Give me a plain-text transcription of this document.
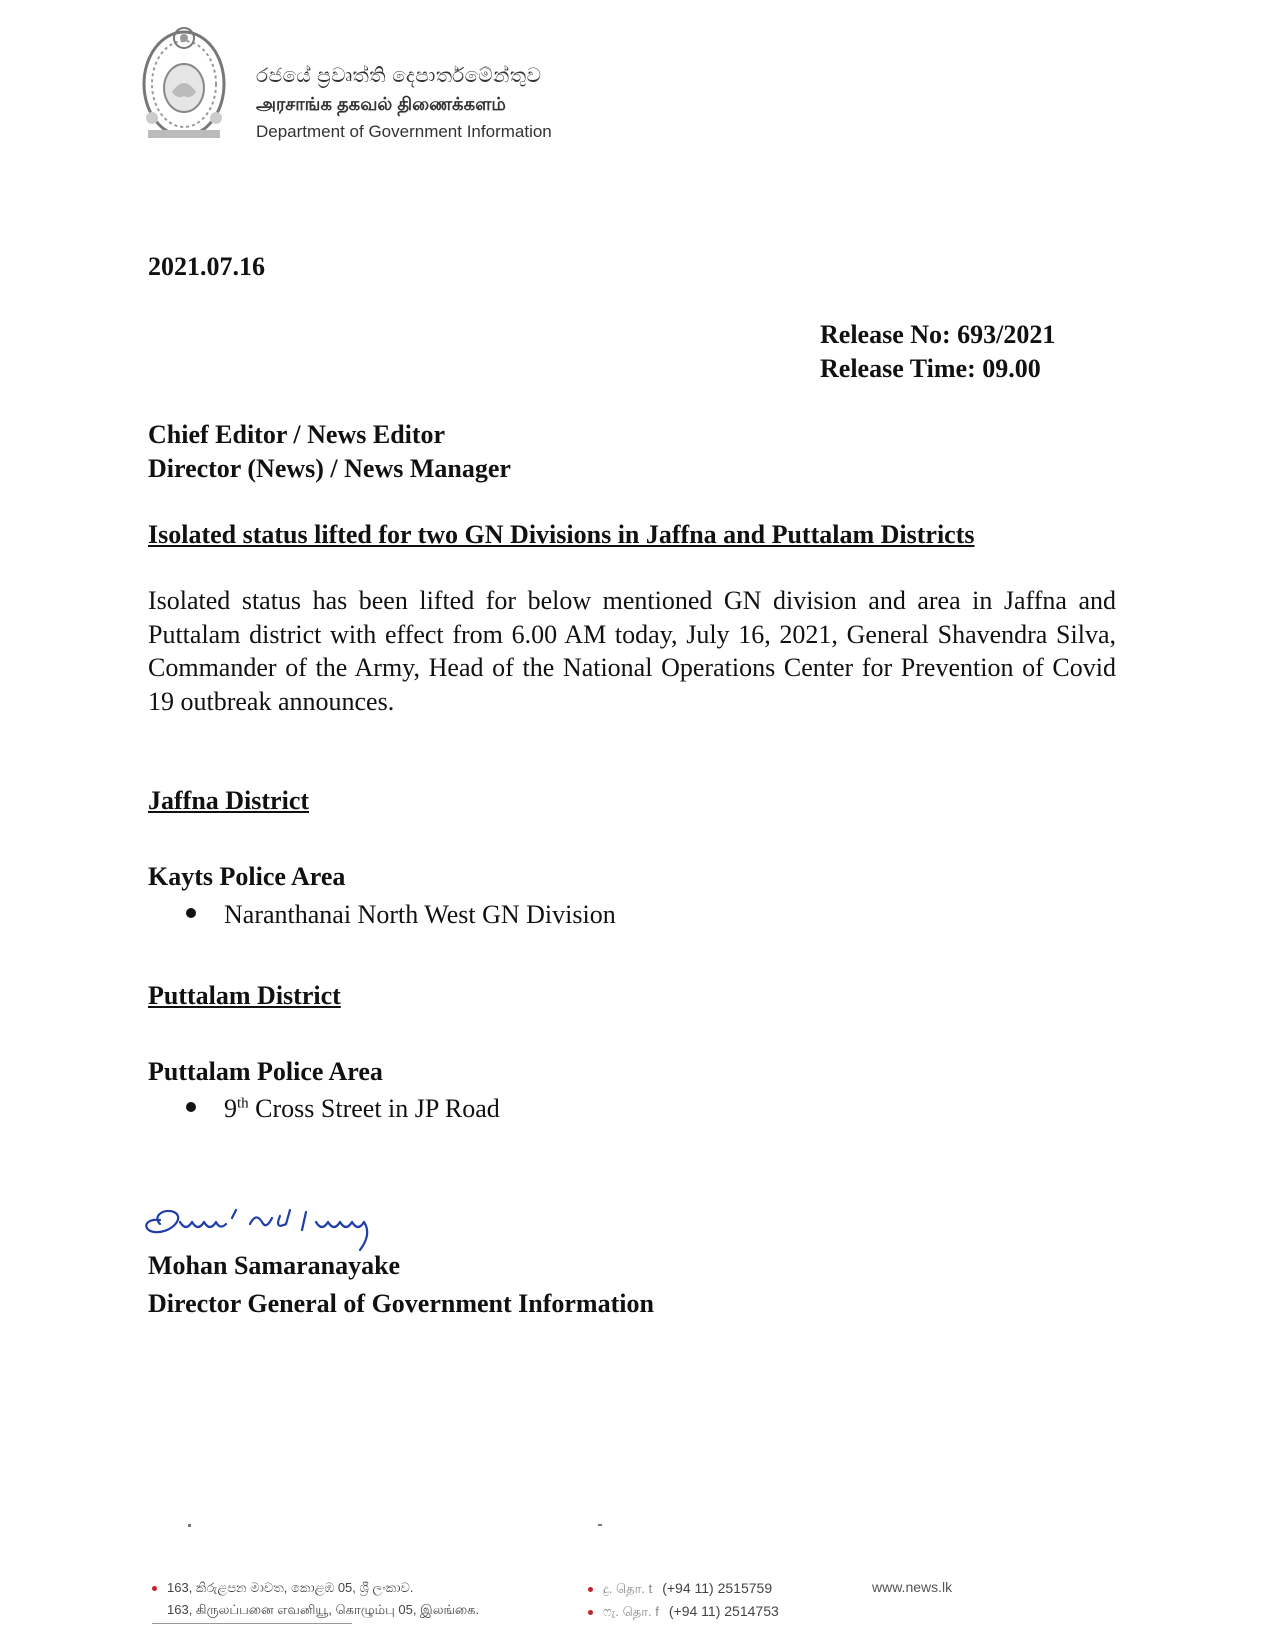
රජයේ ප්‍රවෘත්ති දෙපාර්තමේන්තුව
அரசாங்க தகவல் திணைக்களம்
Department of Government Information
2021.07.16
Release No: 693/2021
Release Time: 09.00
Chief Editor / News Editor
Director (News) / News Manager
Isolated status lifted for two GN Divisions in Jaffna and Puttalam Districts
Isolated status has been lifted for below mentioned GN division and area in Jaffna and Puttalam district with effect from 6.00 AM today, July 16, 2021, General Shavendra Silva, Commander of the Army, Head of the National Operations Center for Prevention of Covid 19 outbreak announces.
Jaffna District
Kayts Police Area
Naranthanai North West GN Division
Puttalam District
Puttalam Police Area
9th Cross Street in JP Road
Mohan Samaranayake
Director General of Government Information
163, කිරුළපන මාවත, කොළඹ 05, ශ්‍රී ලංකාව.
163, கிருலப்பனை எவனியூ, கொழும்பு 05, இலங்கை.
දු. தொ. t (+94 11) 2515759
ෆැ. தொ. f (+94 11) 2514753
www.news.lk
